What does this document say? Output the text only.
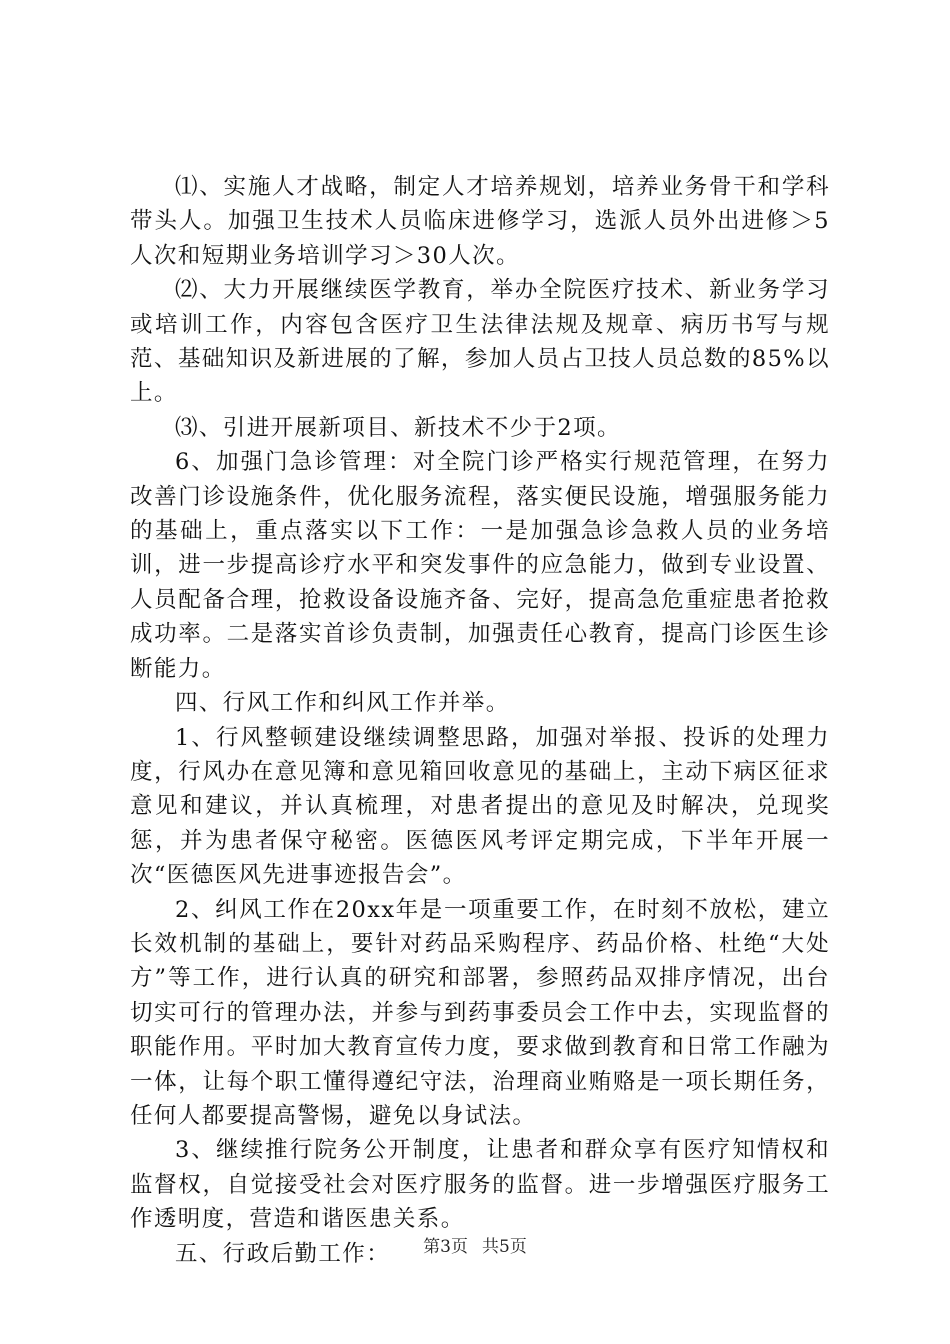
⑴、实施人才战略，制定人才培养规划，培养业务骨干和学科带头人。加强卫生技术人员临床进修学习，选派人员外出进修＞5人次和短期业务培训学习＞30人次。

⑵、大力开展继续医学教育，举办全院医疗技术、新业务学习或培训工作，内容包含医疗卫生法律法规及规章、病历书写与规范、基础知识及新进展的了解，参加人员占卫技人员总数的85%以上。

⑶、引进开展新项目、新技术不少于2项。

6、加强门急诊管理：对全院门诊严格实行规范管理，在努力改善门诊设施条件，优化服务流程，落实便民设施，增强服务能力的基础上，重点落实以下工作：一是加强急诊急救人员的业务培训，进一步提高诊疗水平和突发事件的应急能力，做到专业设置、人员配备合理，抢救设备设施齐备、完好，提高急危重症患者抢救成功率。二是落实首诊负责制，加强责任心教育，提高门诊医生诊断能力。

四、行风工作和纠风工作并举。

1、行风整顿建设继续调整思路，加强对举报、投诉的处理力度，行风办在意见簿和意见箱回收意见的基础上，主动下病区征求意见和建议，并认真梳理，对患者提出的意见及时解决，兑现奖惩，并为患者保守秘密。医德医风考评定期完成，下半年开展一次“医德医风先进事迹报告会”。

2、纠风工作在20xx年是一项重要工作，在时刻不放松，建立长效机制的基础上，要针对药品采购程序、药品价格、杜绝“大处方”等工作，进行认真的研究和部署，参照药品双排序情况，出台切实可行的管理办法，并参与到药事委员会工作中去，实现监督的职能作用。平时加大教育宣传力度，要求做到教育和日常工作融为一体，让每个职工懂得遵纪守法，治理商业贿赂是一项长期任务，任何人都要提高警惕，避免以身试法。

3、继续推行院务公开制度，让患者和群众享有医疗知情权和监督权，自觉接受社会对医疗服务的监督。进一步增强医疗服务工作透明度，营造和谐医患关系。

五、行政后勤工作：	第3页 共5页
